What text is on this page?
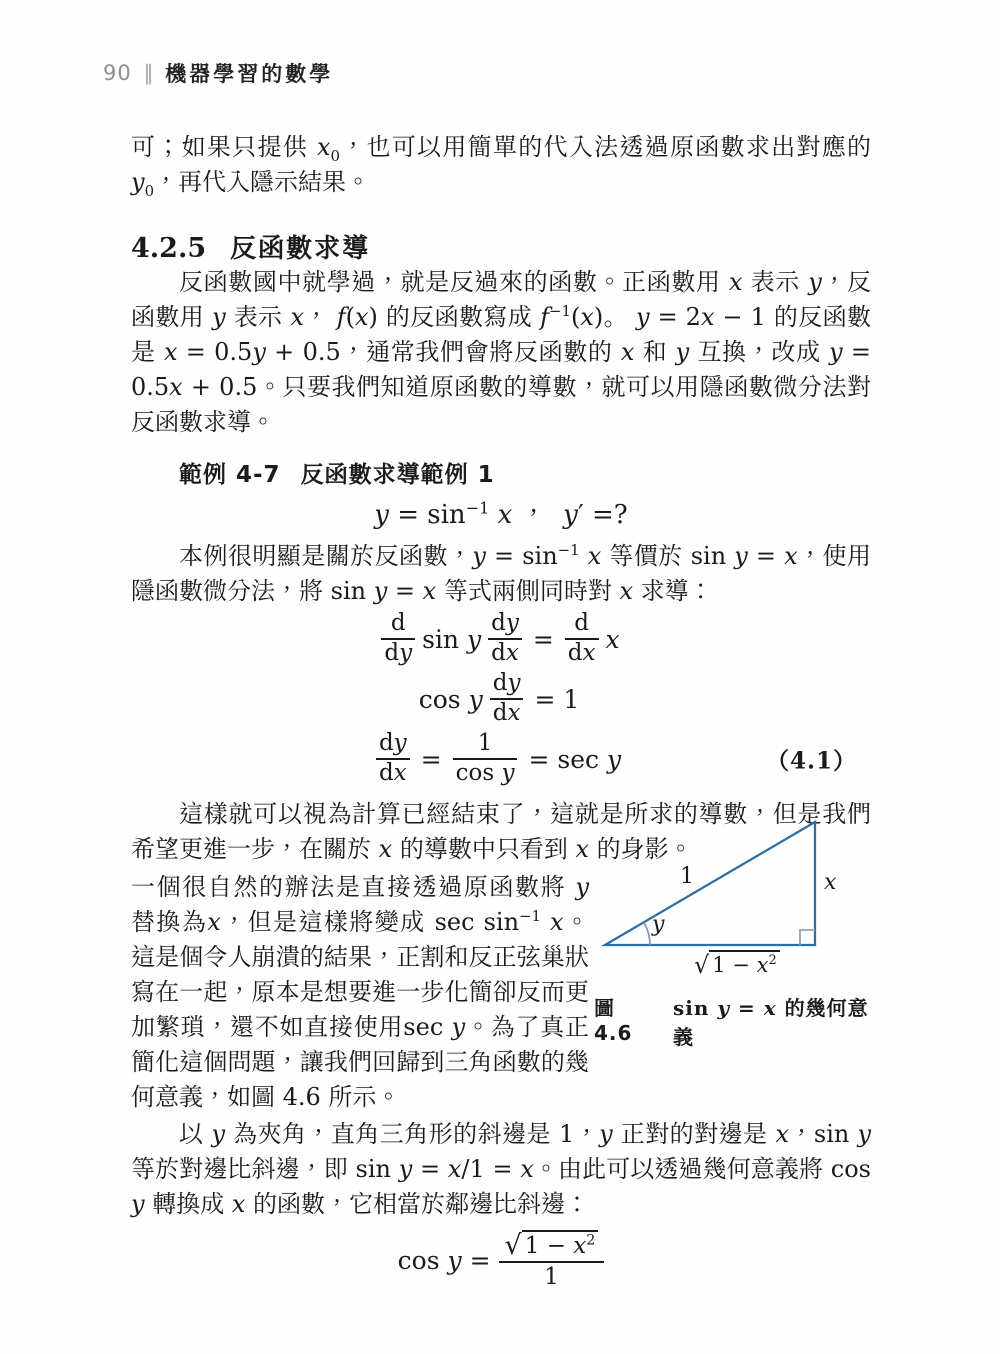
90 ‖ 機器學習的數學

可；如果只提供 $x_0$，也可以用簡單的代入法透過原函數求出對應的 $y_0$，再代入隱示結果。

4.2.5 反函數求導

反函數國中就學過，就是反過來的函數。正函數用 x 表示 y，反函數用 y 表示 x， f(x) 的反函數寫成 $f^{-1}(x)$。 y = 2x − 1 的反函數是 x = 0.5y + 0.5，通常我們會將反函數的 x 和 y 互換，改成 y = 0.5x + 0.5。只要我們知道原函數的導數，就可以用隱函數微分法對反函數求導。

範例 4-7 反函數求導範例 1
$y = \sin^{-1} x$ ，  y′ =?

本例很明顯是關於反函數，$y = \sin^{-1} x$ 等價於 sin y = x，使用隱函數微分法，將 sin y = x 等式兩側同時對 x 求導：

$\frac{d}{dy}$ sin y $\frac{dy}{dx} = \frac{d}{dx}$ x
cos y $\frac{dy}{dx} = 1$
$\frac{dy}{dx} = \frac{1}{\text{cos y}} = \sec y$	（4.1）

這樣就可以視為計算已經結束了，這就是所求的導數，但是我們希望更進一步，在關於 x 的導數中只看到 x 的身影。

一個很自然的辦法是直接透過原函數將 y 替換為x，但是這樣將變成 $\sec \sin^{-1} x$。這是個令人崩潰的結果，正割和反正弦巢狀寫在一起，原本是想要進一步化簡卻反而更加繁瑣，還不如直接使用sec y。為了真正簡化這個問題，讓我們回歸到三角函數的幾何意義，如圖 4.6 所示。

以 y 為夾角，直角三角形的斜邊是 1，y 正對的對邊是 x，sin y 等於對邊比斜邊，即 sin y = x/1 = x。由此可以透過幾何意義將 cos y 轉換成 x 的函數，它相當於鄰邊比斜邊：

$\cos y = \frac{√ 1 - x^2}{1}$
1
y
x
√ $1 - x^2$
圖 4.6
sin y = x 的幾何意義
